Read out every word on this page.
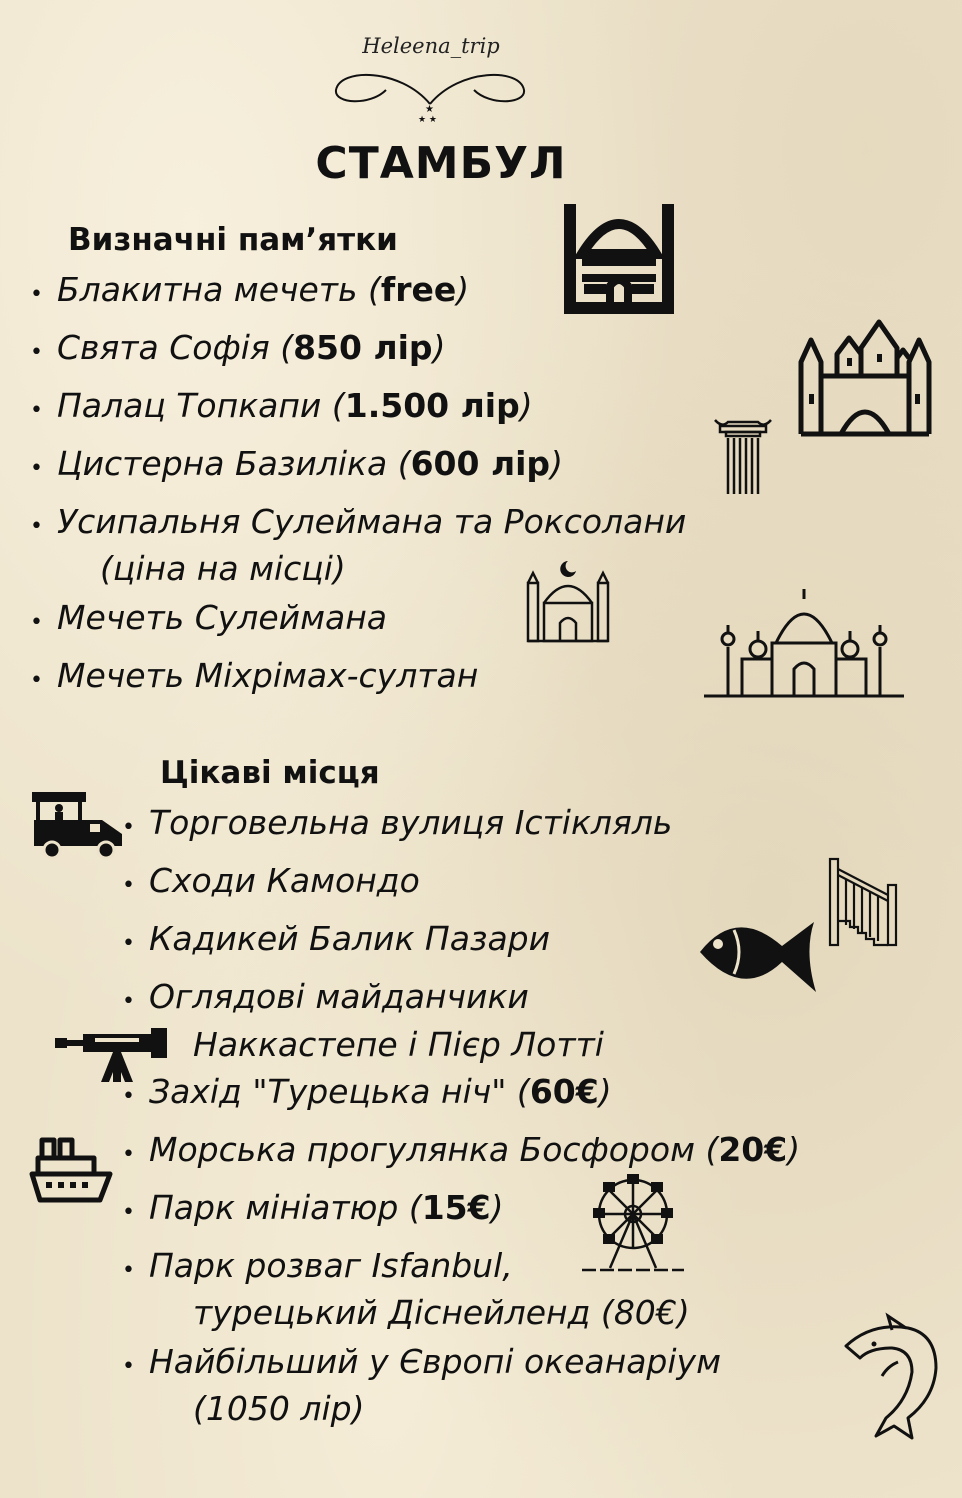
Heleena_trip
★
★ ★
СТАМБУЛ
Визначні пам’ятки
•  Блакитна мечеть (free)
•  Свята Софія (850 лір)
•  Палац Топкапи (1.500 лір)
•  Цистерна Базиліка (600 лір)
•  Усипальня Сулеймана та Роксолани
(ціна на місці)
•  Мечеть Сулеймана
•  Мечеть Міхрімах-султан
Цікаві місця
•  Торговельна вулиця Істікляль
•  Сходи Камондо
•  Кадикей Балик Пазари
•  Оглядові майданчики
Наккастепе і Пієр Лотті
•  Захід "Турецька ніч" (60€)
•  Морська прогулянка Босфором (20€)
•  Парк мініатюр (15€)
•  Парк розваг Isfanbul,
турецький Діснейленд (80€)
•  Найбільший у Європі океанаріум
(1050 лір)
